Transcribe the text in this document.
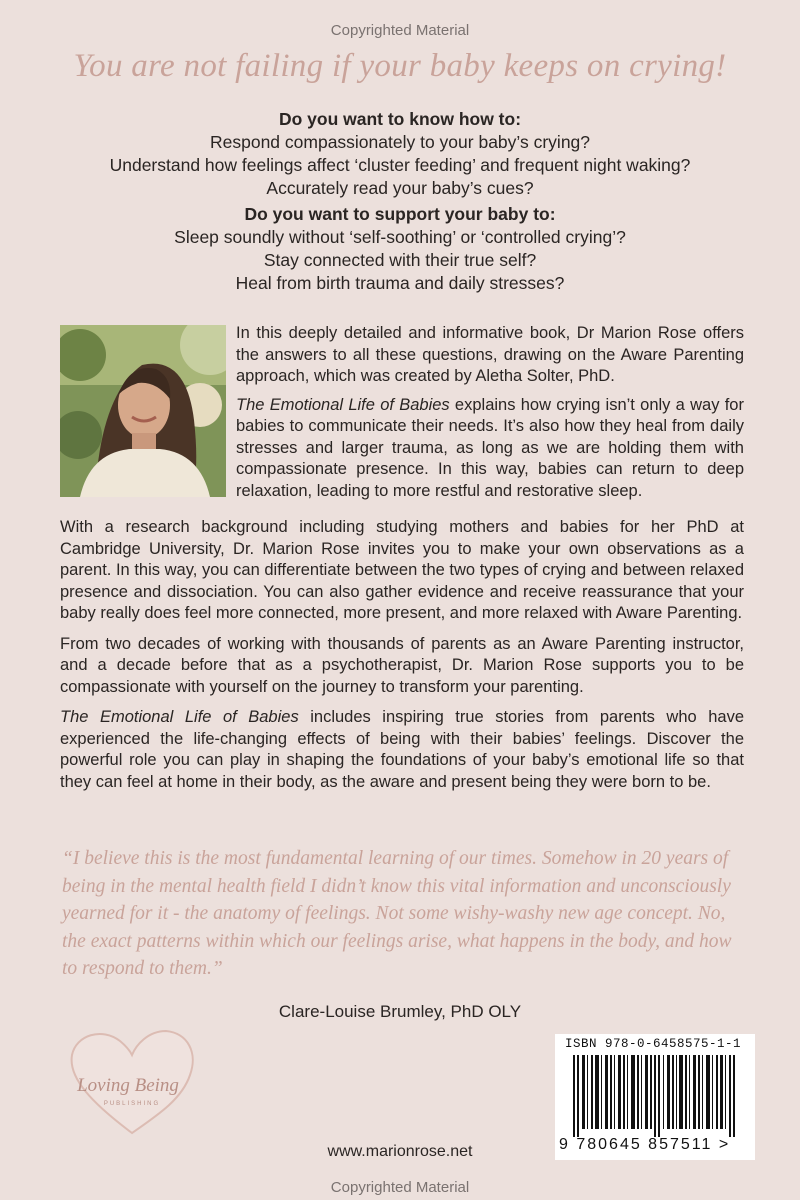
Copyrighted Material
You are not failing if your baby keeps on crying!
Do you want to know how to:
Respond compassionately to your baby’s crying?
Understand how feelings affect ‘cluster feeding’ and frequent night waking?
Accurately read your baby’s cues?
Do you want to support your baby to:
Sleep soundly without ‘self-soothing’ or ‘controlled crying’?
Stay connected with their true self?
Heal from birth trauma and daily stresses?

In this deeply detailed and informative book, Dr Marion Rose offers the answers to all these questions, drawing on the Aware Parenting approach, which was created by Aletha Solter, PhD.

The Emotional Life of Babies explains how crying isn’t only a way for babies to communicate their needs. It’s also how they heal from daily stresses and larger trauma, as long as we are holding them with compassionate presence. In this way, babies can return to deep relaxation, leading to more restful and restorative sleep.

With a research background including studying mothers and babies for her PhD at Cambridge University, Dr. Marion Rose invites you to make your own observations as a parent. In this way, you can differentiate between the two types of crying and between relaxed presence and dissociation. You can also gather evidence and receive reassurance that your baby really does feel more connected, more present, and more relaxed with Aware Parenting.

From two decades of working with thousands of parents as an Aware Parenting instructor, and a decade before that as a psychotherapist, Dr. Marion Rose supports you to be compassionate with yourself on the journey to transform your parenting.

The Emotional Life of Babies includes inspiring true stories from parents who have experienced the life-changing effects of being with their babies’ feelings. Discover the powerful role you can play in shaping the foundations of your baby’s emotional life so that they can feel at home in their body, as the aware and present being they were born to be.

“I believe this is the most fundamental learning of our times. Somehow in 20 years of being in the mental health field I didn’t know this vital information and unconsciously yearned for it - the anatomy of feelings. Not some wishy-washy new age concept. No, the exact patterns within which our feelings arise, what happens in the body, and how to respond to them.”
Clare-Louise Brumley, PhD OLY
Loving Being
PUBLISHING
www.marionrose.net
ISBN 978-0-6458575-1-1
9 780645 857511 >
Copyrighted Material
